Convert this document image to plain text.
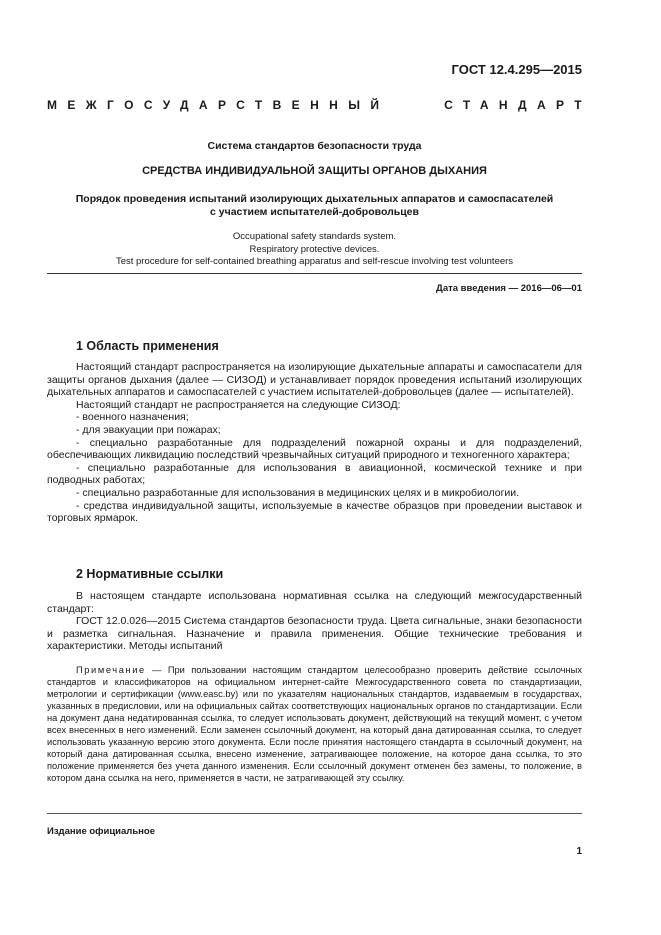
ГОСТ 12.4.295—2015
МЕЖГОСУДАРСТВЕННЫЙ	СТАНДАРТ
Система стандартов безопасности труда
СРЕДСТВА ИНДИВИДУАЛЬНОЙ ЗАЩИТЫ ОРГАНОВ ДЫХАНИЯ
Порядок проведения испытаний изолирующих дыхательных аппаратов и самоспасателей
с участием испытателей-добровольцев
Occupational safety standards system.
Respiratory protective devices.
Test procedure for self-contained breathing apparatus and self-rescue involving test volunteers
Дата введения — 2016—06—01
1 Область применения

Настоящий стандарт распространяется на изолирующие дыхательные аппараты и самоспасатели для защиты органов дыхания (далее — СИЗОД) и устанавливает порядок проведения испытаний изолирующих дыхательных аппаратов и самоспасателей с участием испытателей-добровольцев (далее — испытателей).

Настоящий стандарт не распространяется на следующие СИЗОД:

- военного назначения;

- для эвакуации при пожарах;

- специально разработанные для подразделений пожарной охраны и для подразделений, обеспечивающих ликвидацию последствий чрезвычайных ситуаций природного и техногенного характера;

- специально разработанные для использования в авиационной, космической технике и при подводных работах;

- специально разработанные для использования в медицинских целях и в микробиологии.

- средства индивидуальной защиты, используемые в качестве образцов при проведении выставок и торговых ярмарок.

2 Нормативные ссылки

В настоящем стандарте использована нормативная ссылка на следующий межгосударственный стандарт:

ГОСТ 12.0.026—2015 Система стандартов безопасности труда. Цвета сигнальные, знаки безопасности и разметка сигнальная. Назначение и правила применения. Общие технические требования и характеристики. Методы испытаний

Примечание — При пользовании настоящим стандартом целесообразно проверить действие ссылочных стандартов и классификаторов на официальном интернет-сайте Межгосударственного совета по стандартизации, метрологии и сертификации (www.easc.by) или по указателям национальных стандартов, издаваемым в государствах, указанных в предисловии, или на официальных сайтах соответствующих национальных органов по стандартизации. Если на документ дана недатированная ссылка, то следует использовать документ, действующий на текущий момент, с учетом всех внесенных в него изменений. Если заменен ссылочный документ, на который дана датированная ссылка, то следует использовать указанную версию этого документа. Если после принятия настоящего стандарта в ссылочный документ, на который дана датированная ссылка, внесено изменение, затрагивающее положение, на которое дана ссылка, то это положение применяется без учета данного изменения. Если ссылочный документ отменен без замены, то положение, в котором дана ссылка на него, применяется в части, не затрагивающей эту ссылку.
Издание официальное
1
